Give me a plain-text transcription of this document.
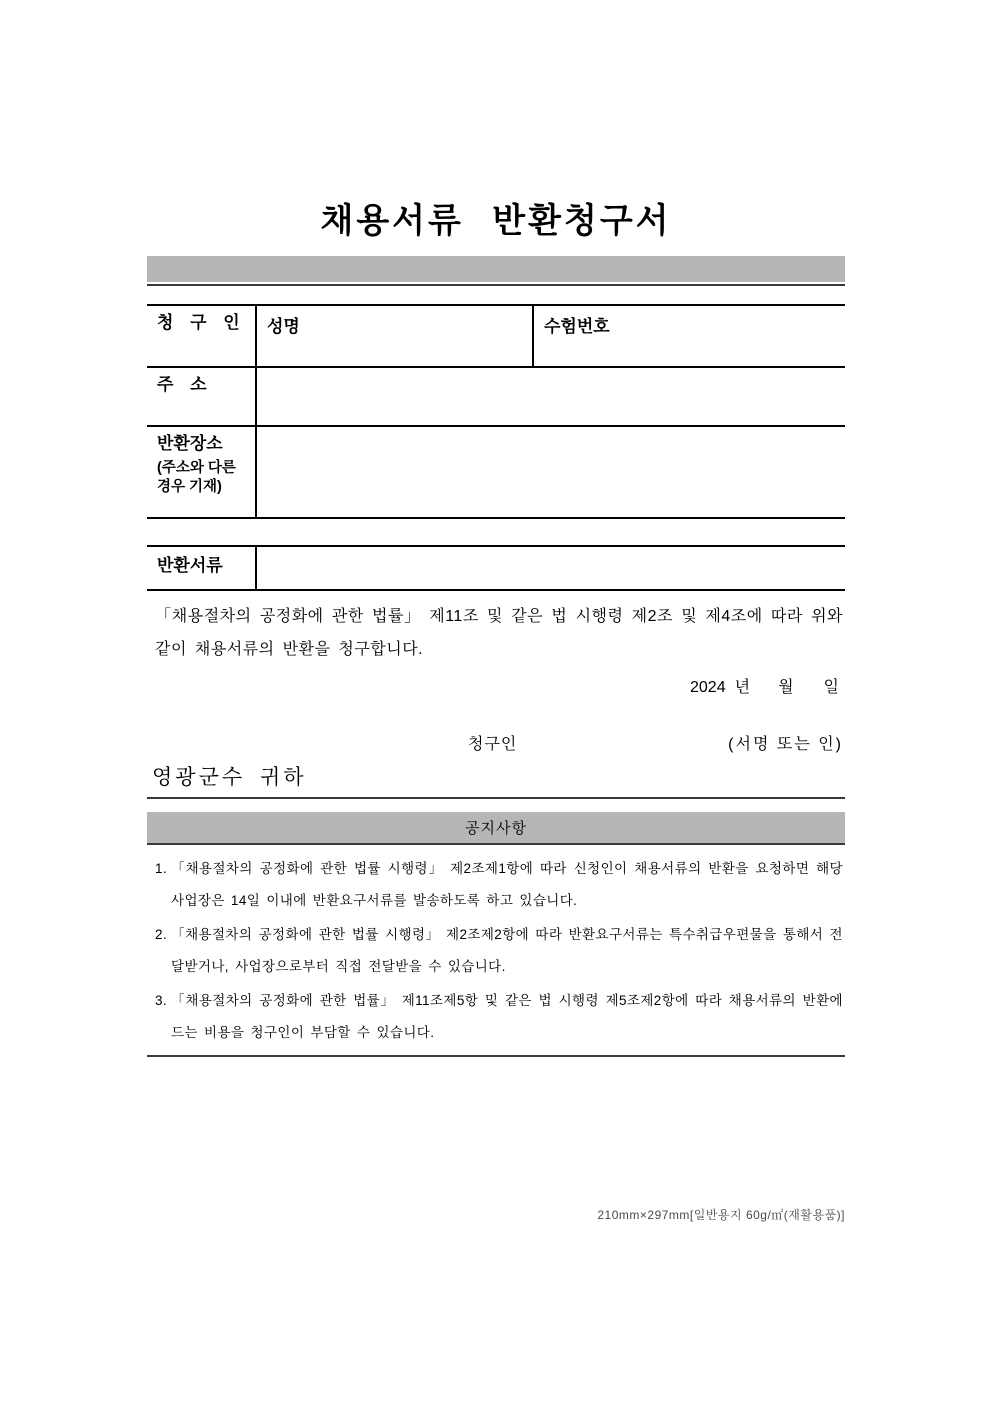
채용서류 반환청구서
청 구 인	성명	수험번호
주 소
반환장소
(주소와 다른 경우 기재)
반환서류
「채용절차의 공정화에 관한 법률」 제11조 및 같은 법 시행령 제2조 및 제4조에 따라 위와 같이 채용서류의 반환을 청구합니다.
2024 년 월 일
청구인	(서명 또는 인)
영광군수 귀하
공지사항
1. 「채용절차의 공정화에 관한 법률 시행령」 제2조제1항에 따라 신청인이 채용서류의 반환을 요청하면 해당 사업장은 14일 이내에 반환요구서류를 발송하도록 하고 있습니다.
2. 「채용절차의 공정화에 관한 법률 시행령」 제2조제2항에 따라 반환요구서류는 특수취급우편물을 통해서 전달받거나, 사업장으로부터 직접 전달받을 수 있습니다.
3. 「채용절차의 공정화에 관한 법률」 제11조제5항 및 같은 법 시행령 제5조제2항에 따라 채용서류의 반환에 드는 비용을 청구인이 부담할 수 있습니다.
210mm×297mm[일반용지 60g/㎡(재활용품)]
